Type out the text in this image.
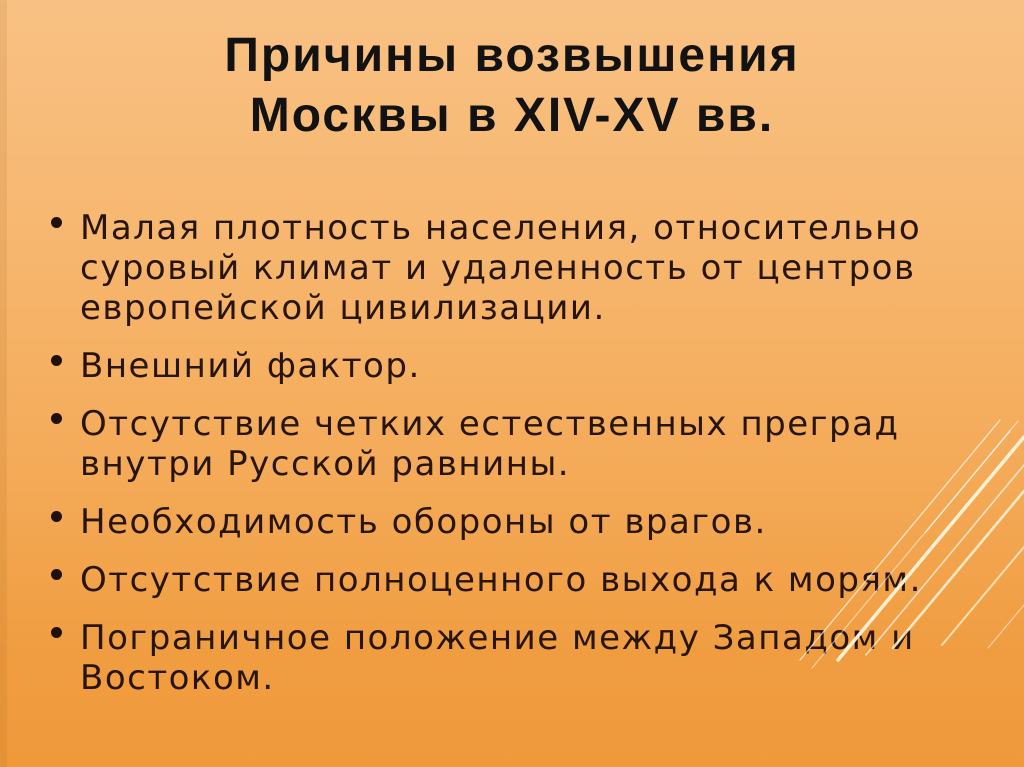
Причины возвышения
Москвы в XIV-XV вв.
Малая плотность населения, относительно
суровый климат и удаленность от центров
европейской цивилизации.
Внешний фактор.
Отсутствие четких естественных преград
внутри Русской равнины.
Необходимость обороны от врагов.
Отсутствие полноценного выхода к морям.
Пограничное положение между Западом и
Востоком.
